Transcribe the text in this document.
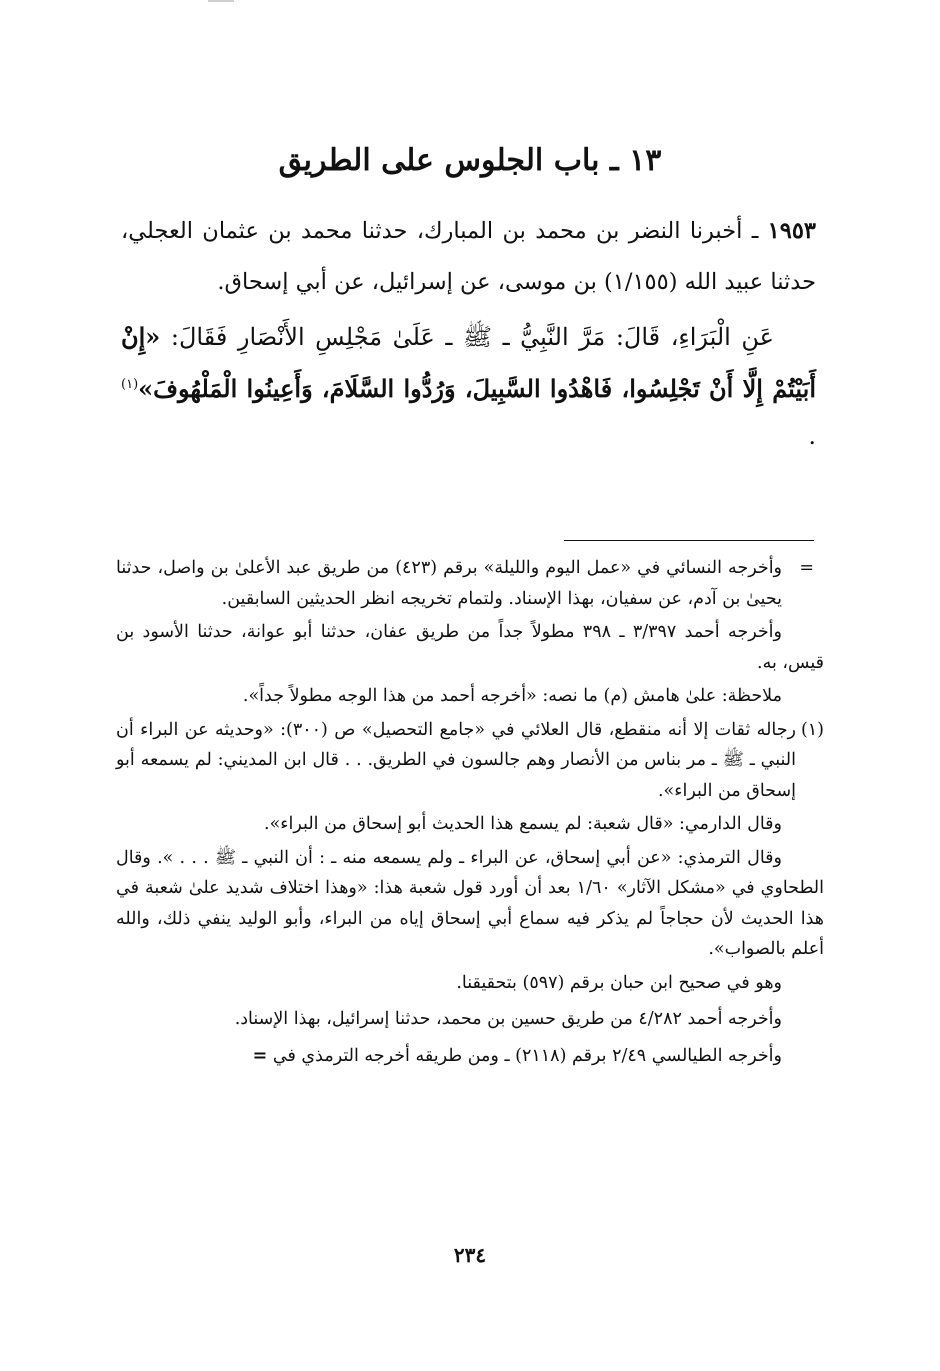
١٣ ـ باب الجلوس على الطريق

١٩٥٣ ـ أخبرنا النضر بن محمد بن المبارك، حدثنا محمد بن عثمان العجلي، حدثنا عبيد الله (١/١٥٥) بن موسى، عن إسرائيل، عن أبي إسحاق.

عَنِ الْبَرَاءِ، قَالَ: مَرَّ النَّبِيُّ ـ ﷺ ـ عَلَىٰ مَجْلِسِ الأَنْصَارِ فَقَالَ: «إِنْ أَبَيْتُمْ إِلَّا أَنْ تَجْلِسُوا، فَاهْدُوا السَّبِيلَ، وَرُدُّوا السَّلَامَ، وَأَعِينُوا الْمَلْهُوفَ»$^{(١)}$ .

=
وأخرجه النسائي في «عمل اليوم والليلة» برقم (٤٢٣) من طريق عبد الأعلىٰ بن واصل، حدثنا يحيىٰ بن آدم، عن سفيان، بهذا الإسناد. ولتمام تخريجه انظر الحديثين السابقين.

وأخرجه أحمد ٣/٣٩٧ ـ ٣٩٨ مطولاً جداً من طريق عفان، حدثنا أبو عوانة، حدثنا الأسود بن قيس، به.

ملاحظة: علىٰ هامش (م) ما نصه: «أخرجه أحمد من هذا الوجه مطولاً جداً».

(١)
رجاله ثقات إلا أنه منقطع، قال العلائي في «جامع التحصيل» ص (٣٠٠): «وحديثه عن البراء أن النبي ـ ﷺ ـ مر بناس من الأنصار وهم جالسون في الطريق. . . قال ابن المديني: لم يسمعه أبو إسحاق من البراء».

وقال الدارمي: «قال شعبة: لم يسمع هذا الحديث أبو إسحاق من البراء».

وقال الترمذي: «عن أبي إسحاق، عن البراء ـ ولم يسمعه منه ـ : أن النبي ـ ﷺ . . . ». وقال الطحاوي في «مشكل الآثار» ١/٦٠ بعد أن أورد قول شعبة هذا: «وهذا اختلاف شديد علىٰ شعبة في هذا الحديث لأن حجاجاً لم يذكر فيه سماع أبي إسحاق إياه من البراء، وأبو الوليد ينفي ذلك، والله أعلم بالصواب».

وهو في صحيح ابن حبان برقم (٥٩٧) بتحقيقنا.

وأخرجه أحمد ٤/٢٨٢ من طريق حسين بن محمد، حدثنا إسرائيل، بهذا الإسناد.

وأخرجه الطيالسي ٢/٤٩ برقم (٢١١٨) ـ ومن طريقه أخرجه الترمذي في =

٢٣٤
